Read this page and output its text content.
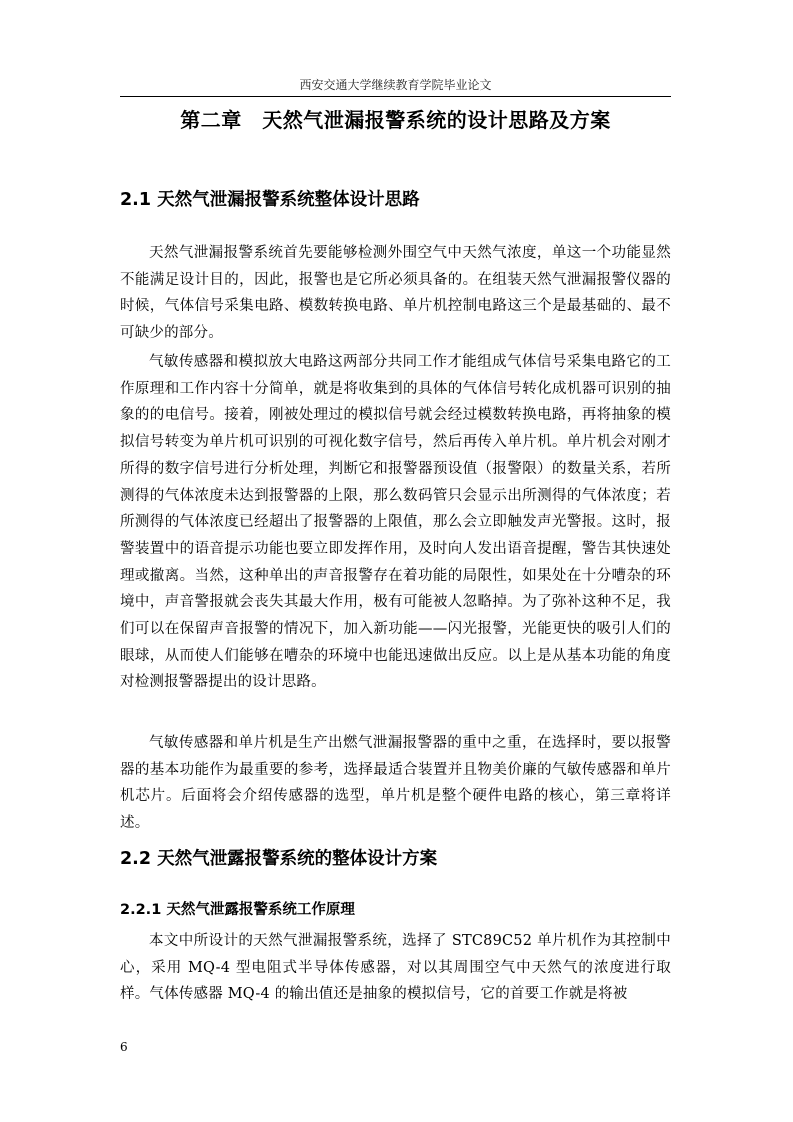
西安交通大学继续教育学院毕业论文
第二章　天然气泄漏报警系统的设计思路及方案
2.1 天然气泄漏报警系统整体设计思路

天然气泄漏报警系统首先要能够检测外围空气中天然气浓度，单这一个功能显然不能满足设计目的，因此，报警也是它所必须具备的。在组装天然气泄漏报警仪器的时候，气体信号采集电路、模数转换电路、单片机控制电路这三个是最基础的、最不可缺少的部分。

气敏传感器和模拟放大电路这两部分共同工作才能组成气体信号采集电路它的工作原理和工作内容十分简单，就是将收集到的具体的气体信号转化成机器可识别的抽象的的电信号。接着，刚被处理过的模拟信号就会经过模数转换电路，再将抽象的模拟信号转变为单片机可识别的可视化数字信号，然后再传入单片机。单片机会对刚才所得的数字信号进行分析处理，判断它和报警器预设值（报警限）的数量关系，若所测得的气体浓度未达到报警器的上限，那么数码管只会显示出所测得的气体浓度；若所测得的气体浓度已经超出了报警器的上限值，那么会立即触发声光警报。这时，报警装置中的语音提示功能也要立即发挥作用，及时向人发出语音提醒，警告其快速处理或撤离。当然，这种单出的声音报警存在着功能的局限性，如果处在十分嘈杂的环境中，声音警报就会丧失其最大作用，极有可能被人忽略掉。为了弥补这种不足，我们可以在保留声音报警的情况下，加入新功能——闪光报警，光能更快的吸引人们的眼球，从而使人们能够在嘈杂的环境中也能迅速做出反应。以上是从基本功能的角度对检测报警器提出的设计思路。

气敏传感器和单片机是生产出燃气泄漏报警器的重中之重，在选择时，要以报警器的基本功能作为最重要的参考，选择最适合装置并且物美价廉的气敏传感器和单片机芯片。后面将会介绍传感器的选型，单片机是整个硬件电路的核心，第三章将详述。

2.2 天然气泄露报警系统的整体设计方案
2.2.1 天然气泄露报警系统工作原理

本文中所设计的天然气泄漏报警系统，选择了 STC89C52 单片机作为其控制中心，采用 MQ-4 型电阻式半导体传感器，对以其周围空气中天然气的浓度进行取样。气体传感器 MQ-4 的输出值还是抽象的模拟信号，它的首要工作就是将被

6
